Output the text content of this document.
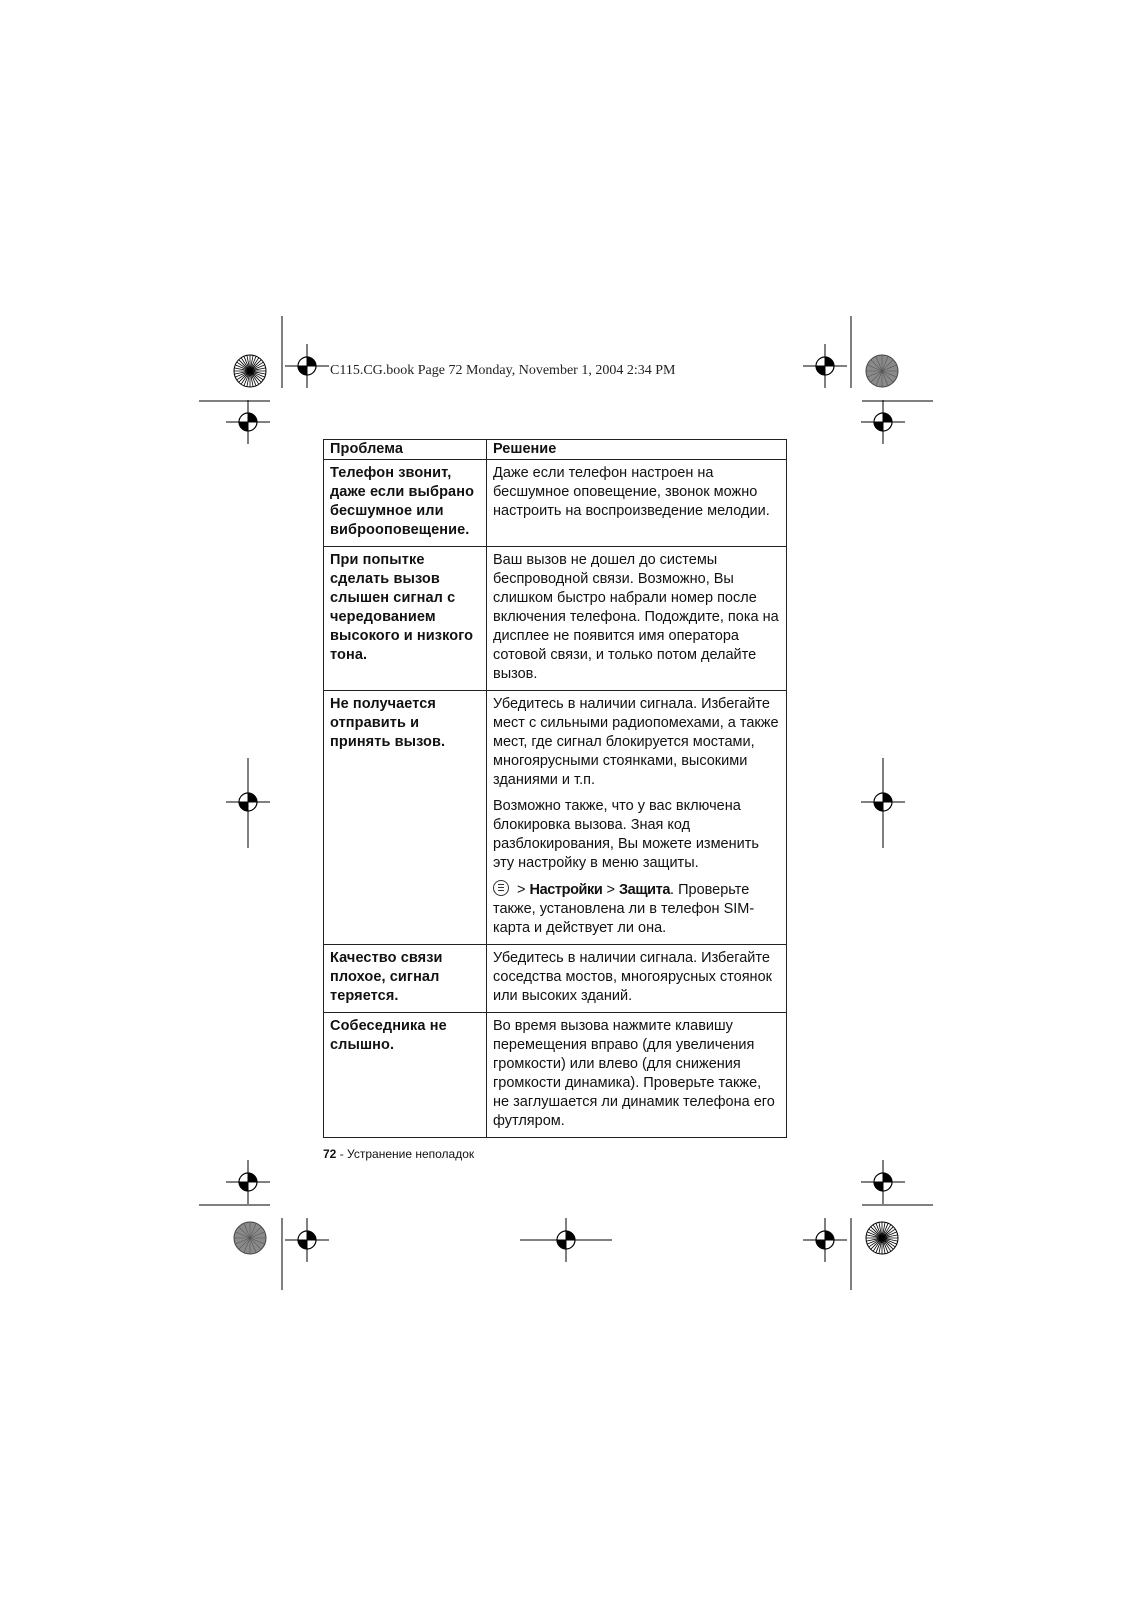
C115.CG.book Page 72 Monday, November 1, 2004 2:34 PM
Проблема	Решение

Телефон звонит, даже если выбрано бесшумное или виброоповещение.	Даже если телефон настроен на бесшумное оповещение, звонок можно настроить на воспроизведение мелодии.

При попытке сделать вызов слышен сигнал с чередованием высокого и низкого тона.	Ваш вызов не дошел до системы беспроводной связи. Возможно, Вы слишком быстро набрали номер после включения телефона. Подождите, пока на дисплее не появится имя оператора сотовой связи, и только потом делайте вызов.

Не получается отправить и принять вызов.	Убедитесь в наличии сигнала. Избегайте мест с сильными радиопомехами, а также мест, где сигнал блокируется мостами, многоярусными стоянками, высокими зданиями и т.п.

Возможно также, что у вас включена блокировка вызова. Зная код разблокирования, Вы можете изменить эту настройку в меню защиты.

> Настройки > Защита. Проверьте также, установлена ли в телефон SIM-карта и действует ли она.

Качество связи плохое, сигнал теряется.	Убедитесь в наличии сигнала. Избегайте соседства мостов, многоярусных стоянок или высоких зданий.

Собеседника не слышно.	Во время вызова нажмите клавишу перемещения вправо (для увеличения громкости) или влево (для снижения громкости динамика). Проверьте также, не заглушается ли динамик телефона его футляром.

72 - Устранение неполадок
